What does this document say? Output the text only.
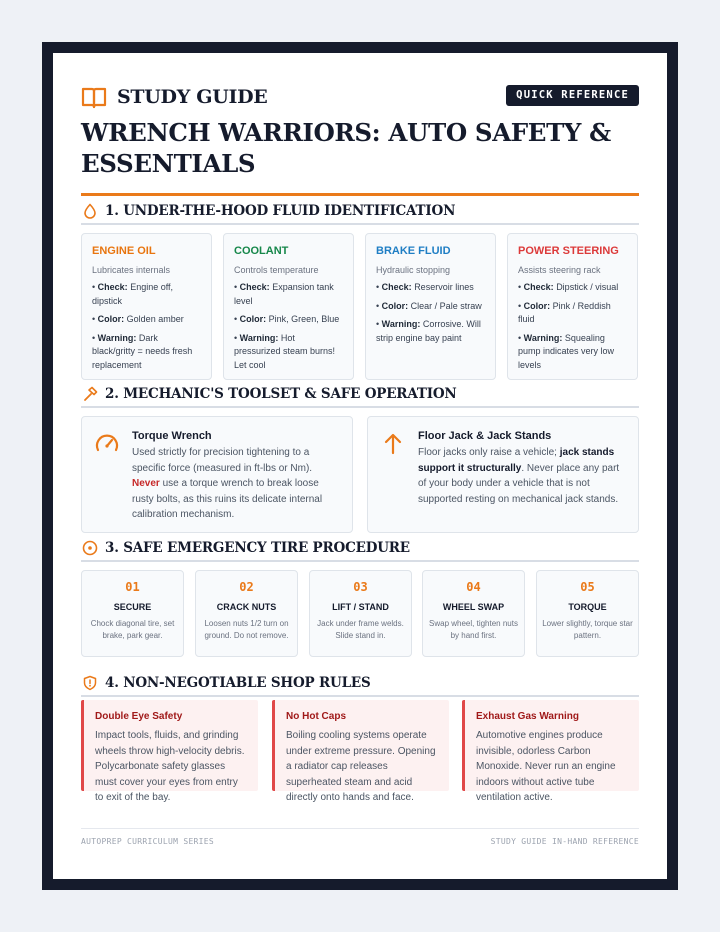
STUDY GUIDE	QUICK REFERENCE
WRENCH WARRIORS: AUTO SAFETY & ESSENTIALS
1. UNDER-THE-HOOD FLUID IDENTIFICATION
ENGINE OIL
Lubricates internals
• Check: Engine off, dipstick
• Color: Golden amber
• Warning: Dark black/gritty = needs fresh replacement
COOLANT
Controls temperature
• Check: Expansion tank level
• Color: Pink, Green, Blue
• Warning: Hot pressurized steam burns! Let cool
BRAKE FLUID
Hydraulic stopping
• Check: Reservoir lines
• Color: Clear / Pale straw
• Warning: Corrosive. Will strip engine bay paint
POWER STEERING
Assists steering rack
• Check: Dipstick / visual
• Color: Pink / Reddish fluid
• Warning: Squealing pump indicates very low levels
2. MECHANIC'S TOOLSET & SAFE OPERATION
Torque Wrench
Used strictly for precision tightening to a specific force (measured in ft-lbs or Nm). Never use a torque wrench to break loose rusty bolts, as this ruins its delicate internal calibration mechanism.
Floor Jack & Jack Stands
Floor jacks only raise a vehicle; jack stands support it structurally. Never place any part of your body under a vehicle that is not supported resting on mechanical jack stands.
3. SAFE EMERGENCY TIRE PROCEDURE
01
SECURE
Chock diagonal tire, set brake, park gear.
02
CRACK NUTS
Loosen nuts 1/2 turn on ground. Do not remove.
03
LIFT / STAND
Jack under frame welds. Slide stand in.
04
WHEEL SWAP
Swap wheel, tighten nuts by hand first.
05
TORQUE
Lower slightly, torque star pattern.
4. NON-NEGOTIABLE SHOP RULES
Double Eye Safety
Impact tools, fluids, and grinding wheels throw high-velocity debris. Polycarbonate safety glasses must cover your eyes from entry to exit of the bay.
No Hot Caps
Boiling cooling systems operate under extreme pressure. Opening a radiator cap releases superheated steam and acid directly onto hands and face.
Exhaust Gas Warning
Automotive engines produce invisible, odorless Carbon Monoxide. Never run an engine indoors without active tube ventilation active.
AUTOPREP CURRICULUM SERIES	STUDY GUIDE IN-HAND REFERENCE
